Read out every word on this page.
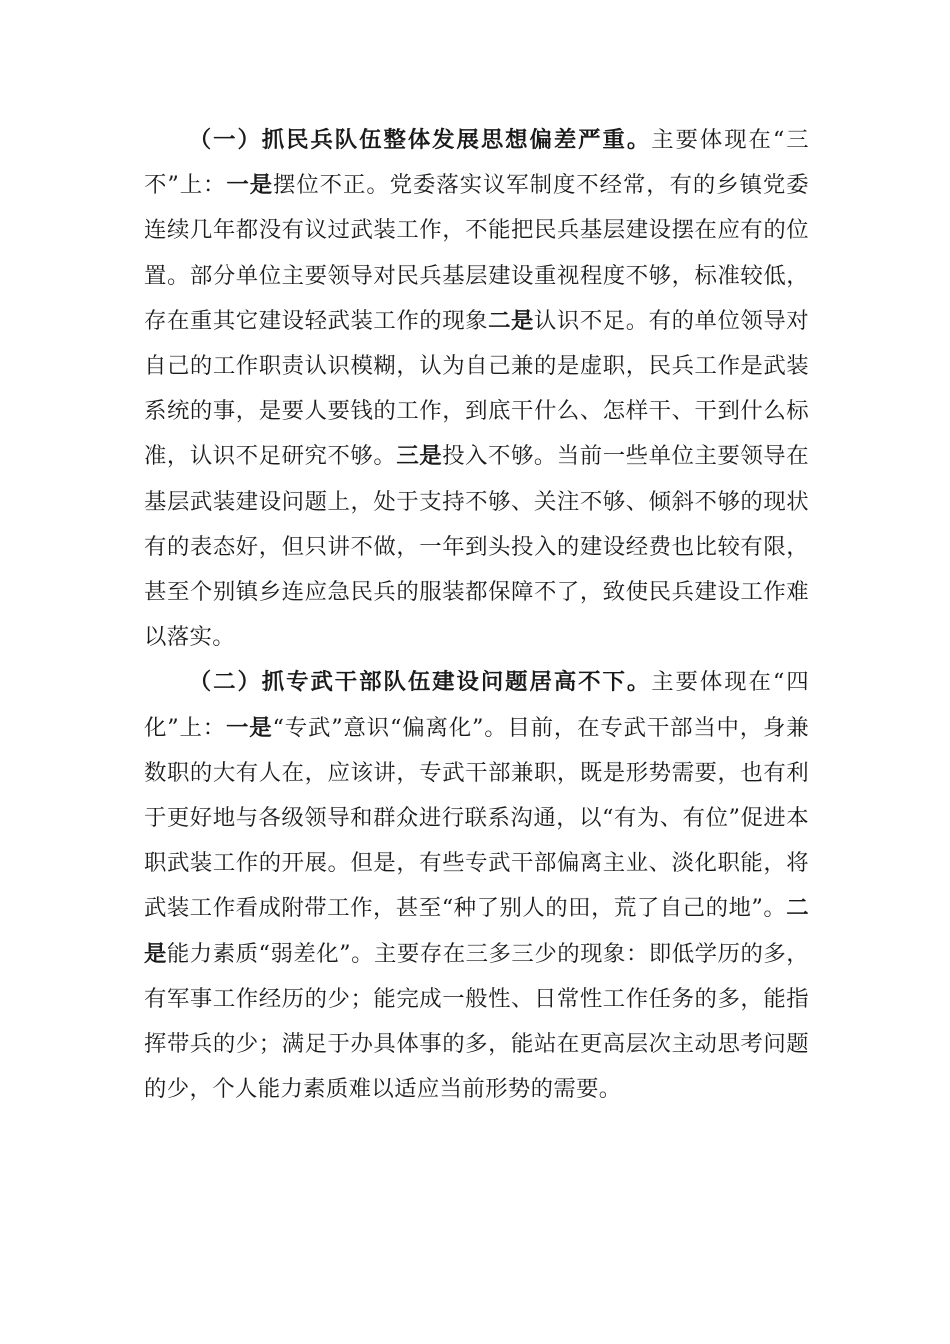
（一）抓民兵队伍整体发展思想偏差严重。主要体现在“三不”上：一是摆位不正。党委落实议军制度不经常，有的乡镇党委连续几年都没有议过武装工作，不能把民兵基层建设摆在应有的位置。部分单位主要领导对民兵基层建设重视程度不够，标准较低，存在重其它建设轻武装工作的现象二是认识不足。有的单位领导对自己的工作职责认识模糊，认为自己兼的是虚职，民兵工作是武装系统的事，是要人要钱的工作，到底干什么、怎样干、干到什么标准，认识不足研究不够。三是投入不够。当前一些单位主要领导在基层武装建设问题上，处于支持不够、关注不够、倾斜不够的现状有的表态好，但只讲不做，一年到头投入的建设经费也比较有限，甚至个别镇乡连应急民兵的服装都保障不了，致使民兵建设工作难以落实。

（二）抓专武干部队伍建设问题居高不下。主要体现在“四化”上：一是“专武”意识“偏离化”。目前，在专武干部当中，身兼数职的大有人在，应该讲，专武干部兼职，既是形势需要，也有利于更好地与各级领导和群众进行联系沟通，以“有为、有位”促进本职武装工作的开展。但是，有些专武干部偏离主业、淡化职能，将武装工作看成附带工作，甚至“种了别人的田，荒了自己的地”。二是能力素质“弱差化”。主要存在三多三少的现象：即低学历的多，有军事工作经历的少；能完成一般性、日常性工作任务的多，能指挥带兵的少；满足于办具体事的多，能站在更高层次主动思考问题的少，个人能力素质难以适应当前形势的需要。
